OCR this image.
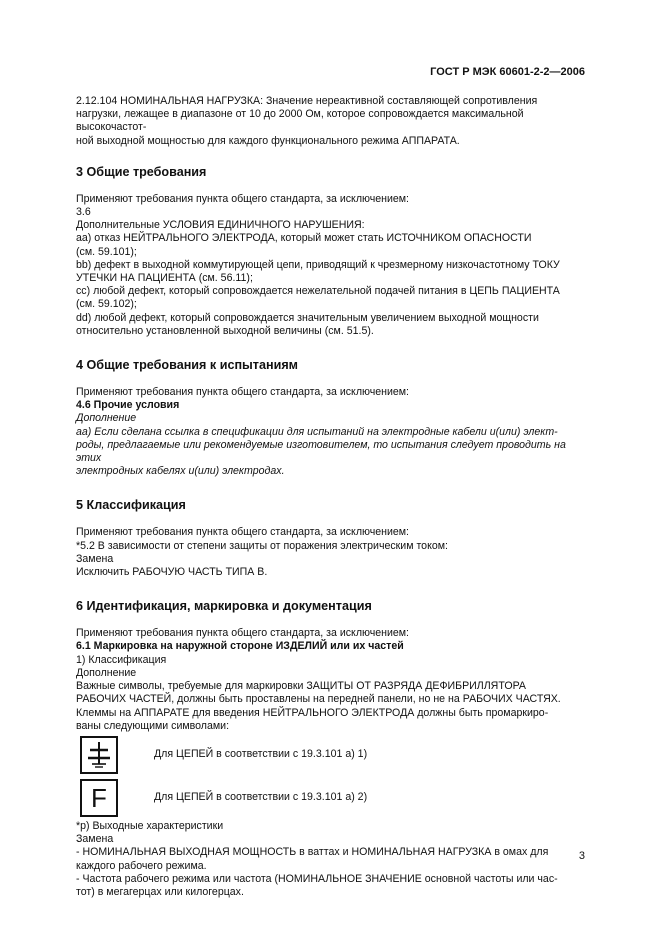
ГОСТ Р МЭК 60601-2-2—2006

2.12.104 НОМИНАЛЬНАЯ НАГРУЗКА: Значение нереактивной составляющей сопротивления

нагрузки, лежащее в диапазоне от 10 до 2000 Ом, которое сопровождается максимальной высокочастот-

ной выходной мощностью для каждого функционального режима АППАРАТА.

3 Общие требования

Применяют требования пункта общего стандарта, за исключением:

3.6

Дополнительные УСЛОВИЯ ЕДИНИЧНОГО НАРУШЕНИЯ:

аа) отказ НЕЙТРАЛЬНОГО ЭЛЕКТРОДА, который может стать ИСТОЧНИКОМ ОПАСНОСТИ

(см. 59.101);

bb) дефект в выходной коммутирующей цепи, приводящий к чрезмерному низкочастотному ТОКУ

УТЕЧКИ НА ПАЦИЕНТА (см. 56.11);

сс) любой дефект, который сопровождается нежелательной подачей питания в ЦЕПЬ ПАЦИЕНТА

(см. 59.102);

dd) любой дефект, который сопровождается значительным увеличением выходной мощности

относительно установленной выходной величины (см. 51.5).

4 Общие требования к испытаниям

Применяют требования пункта общего стандарта, за исключением:

4.6 Прочие условия

Дополнение

аа) Если сделана ссылка в спецификации для испытаний на электродные кабели и(или) элект-

роды, предлагаемые или рекомендуемые изготовителем, то испытания следует проводить на этих

электродных кабелях и(или) электродах.

5 Классификация

Применяют требования пункта общего стандарта, за исключением:

*5.2 В зависимости от степени защиты от поражения электрическим током:

Замена

Исключить РАБОЧУЮ ЧАСТЬ ТИПА В.

6 Идентификация, маркировка и документация

Применяют требования пункта общего стандарта, за исключением:

6.1 Маркировка на наружной стороне ИЗДЕЛИЙ или их частей

1) Классификация

Дополнение

Важные символы, требуемые для маркировки ЗАЩИТЫ ОТ РАЗРЯДА ДЕФИБРИЛЛЯТОРА

РАБОЧИХ ЧАСТЕЙ, должны быть проставлены на передней панели, но не на РАБОЧИХ ЧАСТЯХ.

Клеммы на АППАРАТЕ для введения НЕЙТРАЛЬНОГО ЭЛЕКТРОДА должны быть промаркиро-

ваны следующими символами:

Для ЦЕПЕЙ в соответствии с 19.3.101 а) 1)
F	Для ЦЕПЕЙ в соответствии с 19.3.101 а) 2)

*р) Выходные характеристики

Замена

- НОМИНАЛЬНАЯ ВЫХОДНАЯ МОЩНОСТЬ в ваттах и НОМИНАЛЬНАЯ НАГРУЗКА в омах для

каждого рабочего режима.

- Частота рабочего режима или частота (НОМИНАЛЬНОЕ ЗНАЧЕНИЕ основной частоты или час-

тот) в мегагерцах или килогерцах.

3
